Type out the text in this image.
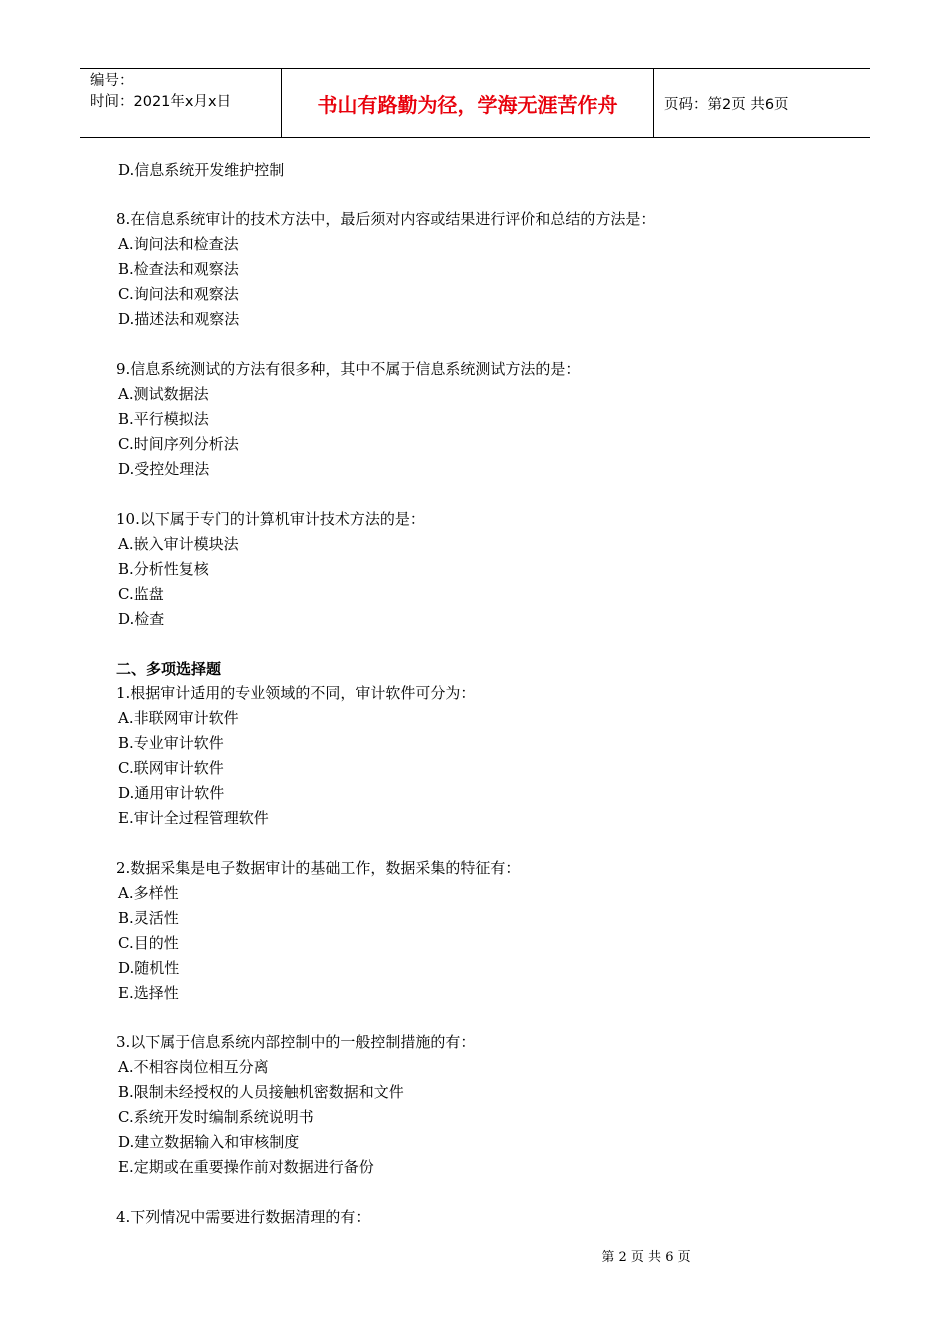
编号：
时间：2021年x月x日	书山有路勤为径，学海无涯苦作舟	页码：第2页 共6页
D.信息系统开发维护控制
8.在信息系统审计的技术方法中，最后须对内容或结果进行评价和总结的方法是：
A.询问法和检查法
B.检查法和观察法
C.询问法和观察法
D.描述法和观察法
9.信息系统测试的方法有很多种，其中不属于信息系统测试方法的是：
A.测试数据法
B.平行模拟法
C.时间序列分析法
D.受控处理法
10.以下属于专门的计算机审计技术方法的是：
A.嵌入审计模块法
B.分析性复核
C.监盘
D.检查
二、多项选择题
1.根据审计适用的专业领域的不同，审计软件可分为：
A.非联网审计软件
B.专业审计软件
C.联网审计软件
D.通用审计软件
E.审计全过程管理软件
2.数据采集是电子数据审计的基础工作，数据采集的特征有：
A.多样性
B.灵活性
C.目的性
D.随机性
E.选择性
3.以下属于信息系统内部控制中的一般控制措施的有：
A.不相容岗位相互分离
B.限制未经授权的人员接触机密数据和文件
C.系统开发时编制系统说明书
D.建立数据输入和审核制度
E.定期或在重要操作前对数据进行备份
4.下列情况中需要进行数据清理的有：
第 2 页 共 6 页
